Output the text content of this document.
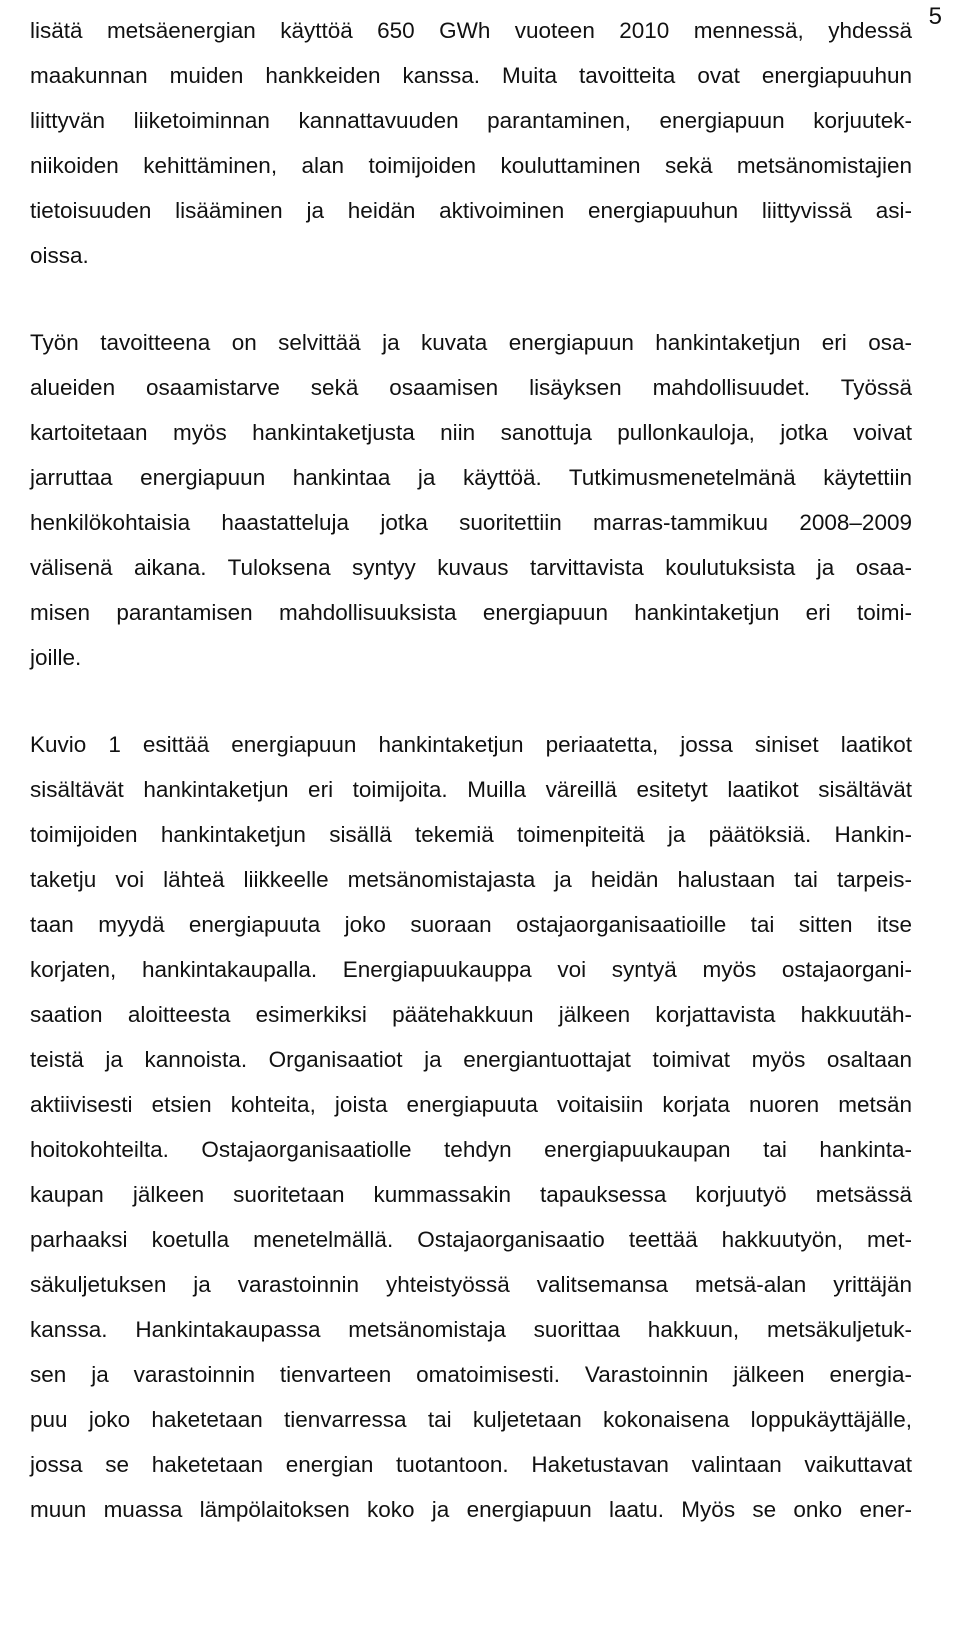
5
lisätä metsäenergian käyttöä 650 GWh vuoteen 2010 mennessä, yhdessä
maakunnan muiden hankkeiden kanssa. Muita tavoitteita ovat energiapuuhun
liittyvän liiketoiminnan kannattavuuden parantaminen, energiapuun korjuutek-
niikoiden kehittäminen, alan toimijoiden kouluttaminen sekä metsänomistajien
tietoisuuden lisääminen ja heidän aktivoiminen energiapuuhun liittyvissä asi-
oissa.
Työn tavoitteena on selvittää ja kuvata energiapuun hankintaketjun eri osa-
alueiden osaamistarve sekä osaamisen lisäyksen mahdollisuudet. Työssä
kartoitetaan myös hankintaketjusta niin sanottuja pullonkauloja, jotka voivat
jarruttaa energiapuun hankintaa ja käyttöä. Tutkimusmenetelmänä käytettiin
henkilökohtaisia haastatteluja jotka suoritettiin marras-tammikuu 2008–2009
välisenä aikana. Tuloksena syntyy kuvaus tarvittavista koulutuksista ja osaa-
misen parantamisen mahdollisuuksista energiapuun hankintaketjun eri toimi-
joille.
Kuvio 1 esittää energiapuun hankintaketjun periaatetta, jossa siniset laatikot
sisältävät hankintaketjun eri toimijoita. Muilla väreillä esitetyt laatikot sisältävät
toimijoiden hankintaketjun sisällä tekemiä toimenpiteitä ja päätöksiä. Hankin-
taketju voi lähteä liikkeelle metsänomistajasta ja heidän halustaan tai tarpeis-
taan myydä energiapuuta joko suoraan ostajaorganisaatioille tai sitten itse
korjaten, hankintakaupalla. Energiapuukauppa voi syntyä myös ostajaorgani-
saation aloitteesta esimerkiksi päätehakkuun jälkeen korjattavista hakkuutäh-
teistä ja kannoista. Organisaatiot ja energiantuottajat toimivat myös osaltaan
aktiivisesti etsien kohteita, joista energiapuuta voitaisiin korjata nuoren metsän
hoitokohteilta. Ostajaorganisaatiolle tehdyn energiapuukaupan tai hankinta-
kaupan jälkeen suoritetaan kummassakin tapauksessa korjuutyö metsässä
parhaaksi koetulla menetelmällä. Ostajaorganisaatio teettää hakkuutyön, met-
säkuljetuksen ja varastoinnin yhteistyössä valitsemansa metsä-alan yrittäjän
kanssa. Hankintakaupassa metsänomistaja suorittaa hakkuun, metsäkuljetuk-
sen ja varastoinnin tienvarteen omatoimisesti. Varastoinnin jälkeen energia-
puu joko haketetaan tienvarressa tai kuljetetaan kokonaisena loppukäyttäjälle,
jossa se haketetaan energian tuotantoon. Haketustavan valintaan vaikuttavat
muun muassa lämpölaitoksen koko ja energiapuun laatu. Myös se onko ener-
